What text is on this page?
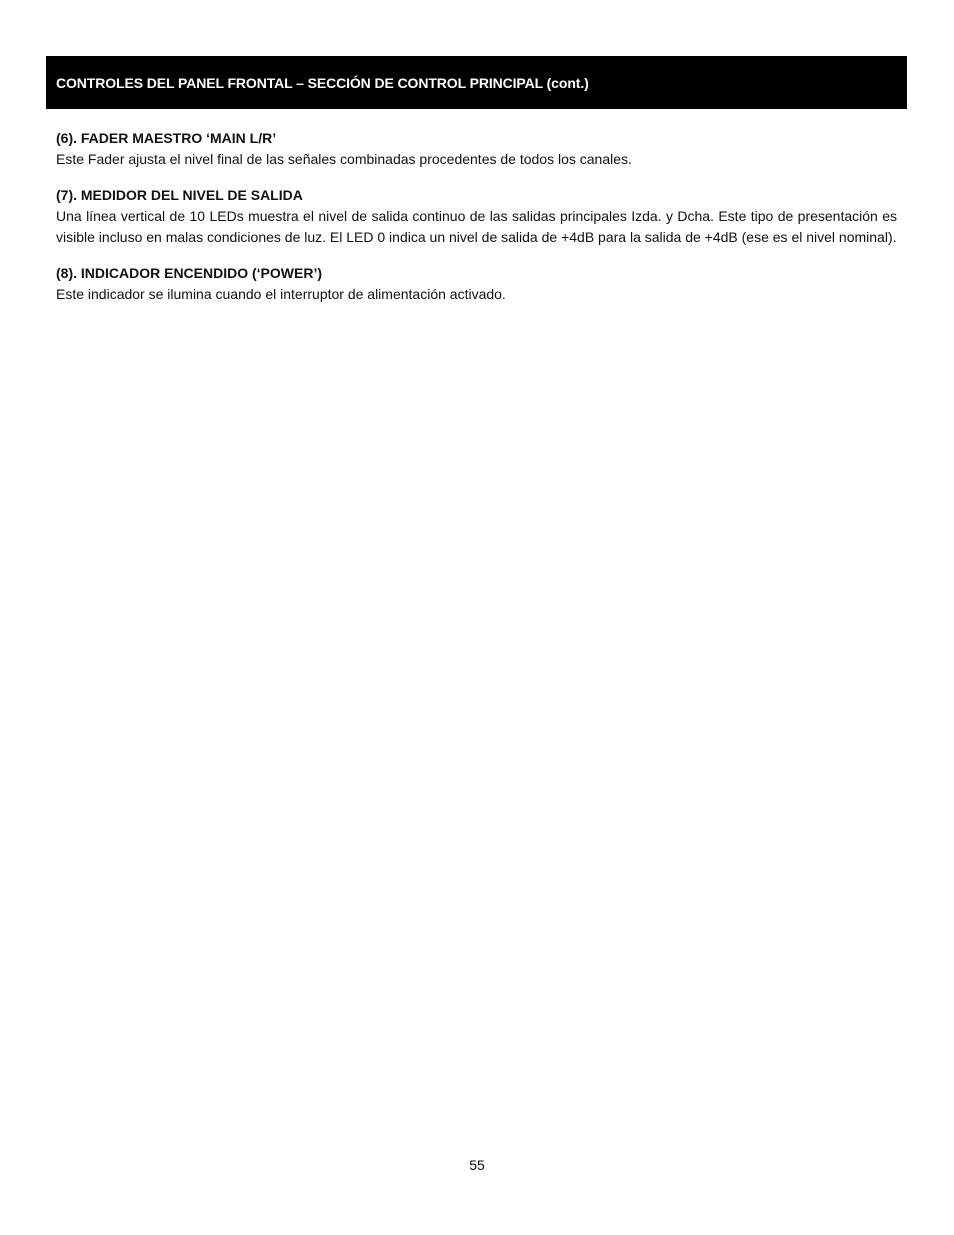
CONTROLES DEL PANEL FRONTAL – SECCIÓN DE CONTROL PRINCIPAL (cont.)

(6). FADER MAESTRO ‘MAIN L/R’

Este Fader ajusta el nivel final de las señales combinadas procedentes de todos los canales.

(7). MEDIDOR DEL NIVEL DE SALIDA

Una línea vertical de 10 LEDs muestra el nivel de salida continuo de las salidas principales Izda. y Dcha. Este tipo de presentación es visible incluso en malas condiciones de luz. El LED 0 indica un nivel de salida de +4dB para la salida de +4dB (ese es el nivel nominal).

(8). INDICADOR ENCENDIDO (‘POWER’)

Este indicador se ilumina cuando el interruptor de alimentación activado.

55
